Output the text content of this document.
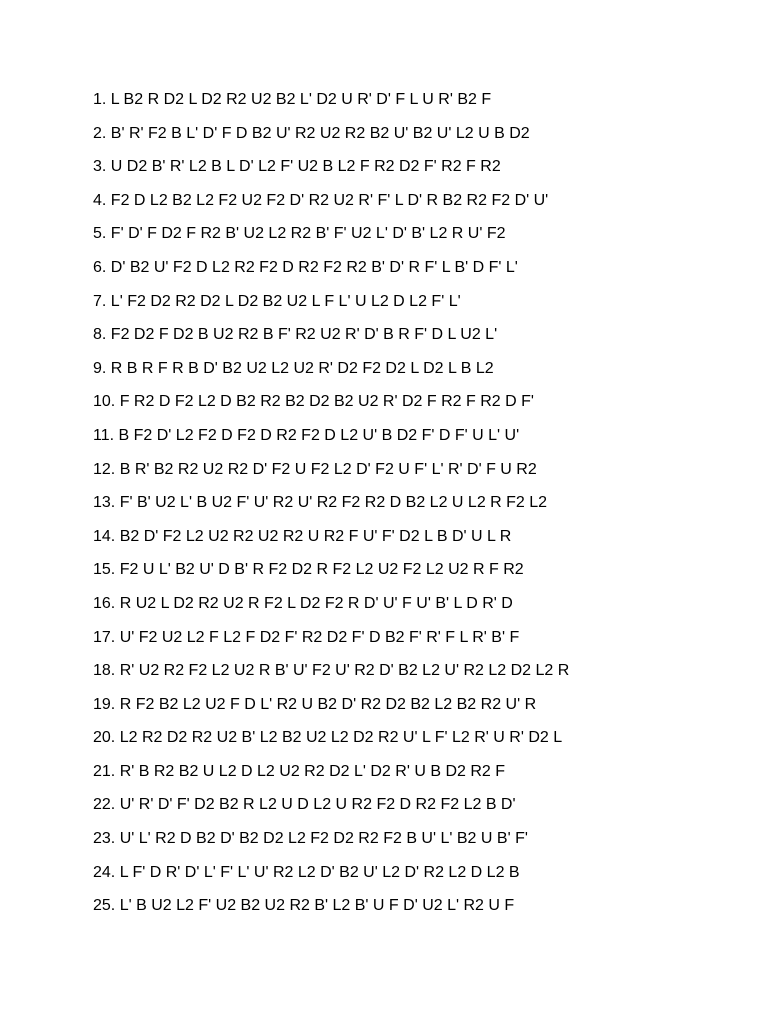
1. L B2 R D2 L D2 R2 U2 B2 L' D2 U R' D' F L U R' B2 F
2. B' R' F2 B L' D' F D B2 U' R2 U2 R2 B2 U' B2 U' L2 U B D2
3. U D2 B' R' L2 B L D' L2 F' U2 B L2 F R2 D2 F' R2 F R2
4. F2 D L2 B2 L2 F2 U2 F2 D' R2 U2 R' F' L D' R B2 R2 F2 D' U'
5. F' D' F D2 F R2 B' U2 L2 R2 B' F' U2 L' D' B' L2 R U' F2
6. D' B2 U' F2 D L2 R2 F2 D R2 F2 R2 B' D' R F' L B' D F' L'
7. L' F2 D2 R2 D2 L D2 B2 U2 L F L' U L2 D L2 F' L'
8. F2 D2 F D2 B U2 R2 B F' R2 U2 R' D' B R F' D L U2 L'
9. R B R F R B D' B2 U2 L2 U2 R' D2 F2 D2 L D2 L B L2
10. F R2 D F2 L2 D B2 R2 B2 D2 B2 U2 R' D2 F R2 F R2 D F'
11. B F2 D' L2 F2 D F2 D R2 F2 D L2 U' B D2 F' D F' U L' U'
12. B R' B2 R2 U2 R2 D' F2 U F2 L2 D' F2 U F' L' R' D' F U R2
13. F' B' U2 L' B U2 F' U' R2 U' R2 F2 R2 D B2 L2 U L2 R F2 L2
14. B2 D' F2 L2 U2 R2 U2 R2 U R2 F U' F' D2 L B D' U L R
15. F2 U L' B2 U' D B' R F2 D2 R F2 L2 U2 F2 L2 U2 R F R2
16. R U2 L D2 R2 U2 R F2 L D2 F2 R D' U' F U' B' L D R' D
17. U' F2 U2 L2 F L2 F D2 F' R2 D2 F' D B2 F' R' F L R' B' F
18. R' U2 R2 F2 L2 U2 R B' U' F2 U' R2 D' B2 L2 U' R2 L2 D2 L2 R
19. R F2 B2 L2 U2 F D L' R2 U B2 D' R2 D2 B2 L2 B2 R2 U' R
20. L2 R2 D2 R2 U2 B' L2 B2 U2 L2 D2 R2 U' L F' L2 R' U R' D2 L
21. R' B R2 B2 U L2 D L2 U2 R2 D2 L' D2 R' U B D2 R2 F
22. U' R' D' F' D2 B2 R L2 U D L2 U R2 F2 D R2 F2 L2 B D'
23. U' L' R2 D B2 D' B2 D2 L2 F2 D2 R2 F2 B U' L' B2 U B' F'
24. L F' D R' D' L' F' L' U' R2 L2 D' B2 U' L2 D' R2 L2 D L2 B
25. L' B U2 L2 F' U2 B2 U2 R2 B' L2 B' U F D' U2 L' R2 U F
